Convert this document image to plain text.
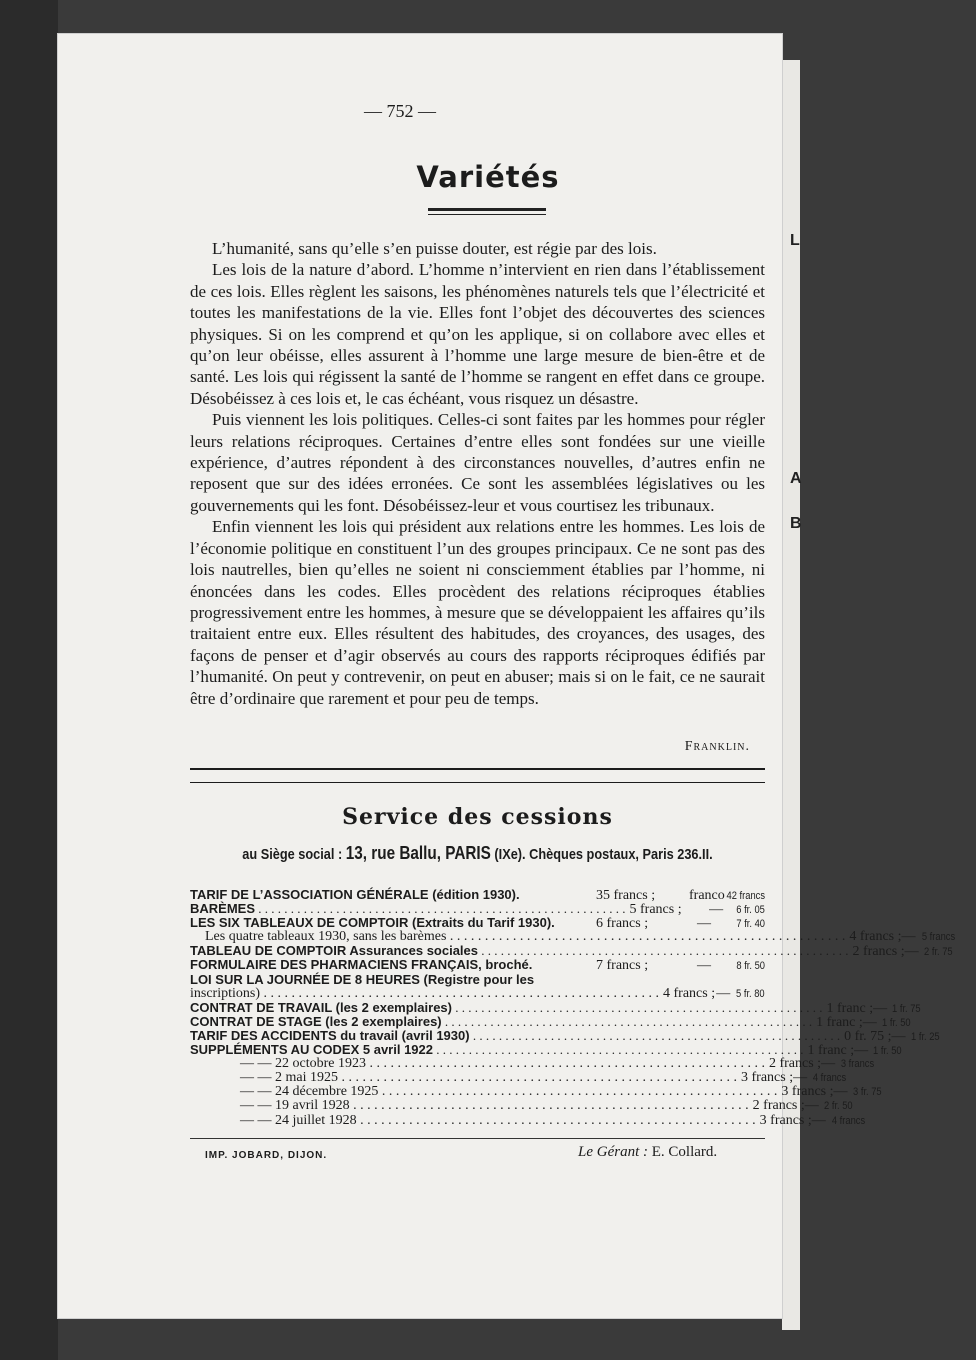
L
A
B
— 752 —
Variétés

L’humanité, sans qu’elle s’en puisse douter, est régie par des lois.

Les lois de la nature d’abord. L’homme n’intervient en rien dans l’établissement de ces lois. Elles règlent les saisons, les phénomènes naturels tels que l’électricité et toutes les manifestations de la vie. Elles font l’objet des découvertes des sciences physiques. Si on les comprend et qu’on les applique, si on collabore avec elles et qu’on leur obéisse, elles assurent à l’homme une large mesure de bien-être et de santé. Les lois qui régissent la santé de l’homme se rangent en effet dans ce groupe. Désobéissez à ces lois et, le cas échéant, vous risquez un désastre.

Puis viennent les lois politiques. Celles-ci sont faites par les hommes pour régler leurs relations réciproques. Certaines d’entre elles sont fondées sur une vieille expérience, d’autres répondent à des circonstances nouvelles, d’autres enfin ne reposent que sur des idées erronées. Ce sont les assemblées législatives ou les gouvernements qui les font. Désobéissez-leur et vous courtisez les tribunaux.

Enfin viennent les lois qui président aux relations entre les hommes. Les lois de l’économie politique en constituent l’un des groupes principaux. Ce ne sont pas des lois nautrelles, bien qu’elles ne soient ni consciemment établies par l’homme, ni énoncées dans les codes. Elles procèdent des relations réciproques établies progressivement entre les hommes, à mesure que se développaient les affaires qu’ils traitaient entre eux. Elles résultent des habitudes, des croyances, des usages, des façons de penser et d’agir observés au cours des rapports réciproques édifiés par l’humanité. On peut y contrevenir, on peut en abuser; mais si on le fait, ce ne saurait être d’ordinaire que rarement et pour peu de temps.

Franklin.
Service des cessions
au Siège social : 13, rue Ballu, PARIS (IXe). Chèques postaux, Paris 236.II.
TARIF DE L’ASSOCIATION GÉNÉRALE (édition 1930).	35 francs ;	franco 42 francs
BARÈMES . . .	5 francs ;	—	6 fr. 05
LES SIX TABLEAUX DE COMPTOIR (Extraits du Tarif 1930).	6 francs ;	—	7 fr. 40
Les quatre tableaux 1930, sans les barèmes . . .	4 francs ; — 5 francs
TABLEAU DE COMPTOIR Assurances sociales . . .	2 francs ; — 2 fr. 75
FORMULAIRE DES PHARMACIENS FRANÇAIS, broché.	7 francs ;	—	8 fr. 50
LOI SUR LA JOURNÉE DE 8 HEURES (Registre pour les
inscriptions) . . .	4 francs ; — 5 fr. 80
CONTRAT DE TRAVAIL (les 2 exemplaires) . . .	1 franc ; — 1 fr. 75
CONTRAT DE STAGE (les 2 exemplaires) . . .	1 franc ; — 1 fr. 50
TARIF DES ACCIDENTS du travail (avril 1930) . . .	0 fr. 75 ; — 1 fr. 25
SUPPLÉMENTS AU CODEX 5 avril 1922 . . .	1 franc ; — 1 fr. 50
— — 22 octobre 1923 . . .	2 francs ; — 3 francs
— — 2 mai 1925 . . .	3 francs ; — 4 francs
— — 24 décembre 1925 . . .	3 francs ; — 3 fr. 75
— — 19 avril 1928 . . .	2 francs ; — 2 fr. 50
— — 24 juillet 1928 . . .	3 francs ; — 4 francs
IMP. JOBARD, DIJON.	Le Gérant : E. Collard.
